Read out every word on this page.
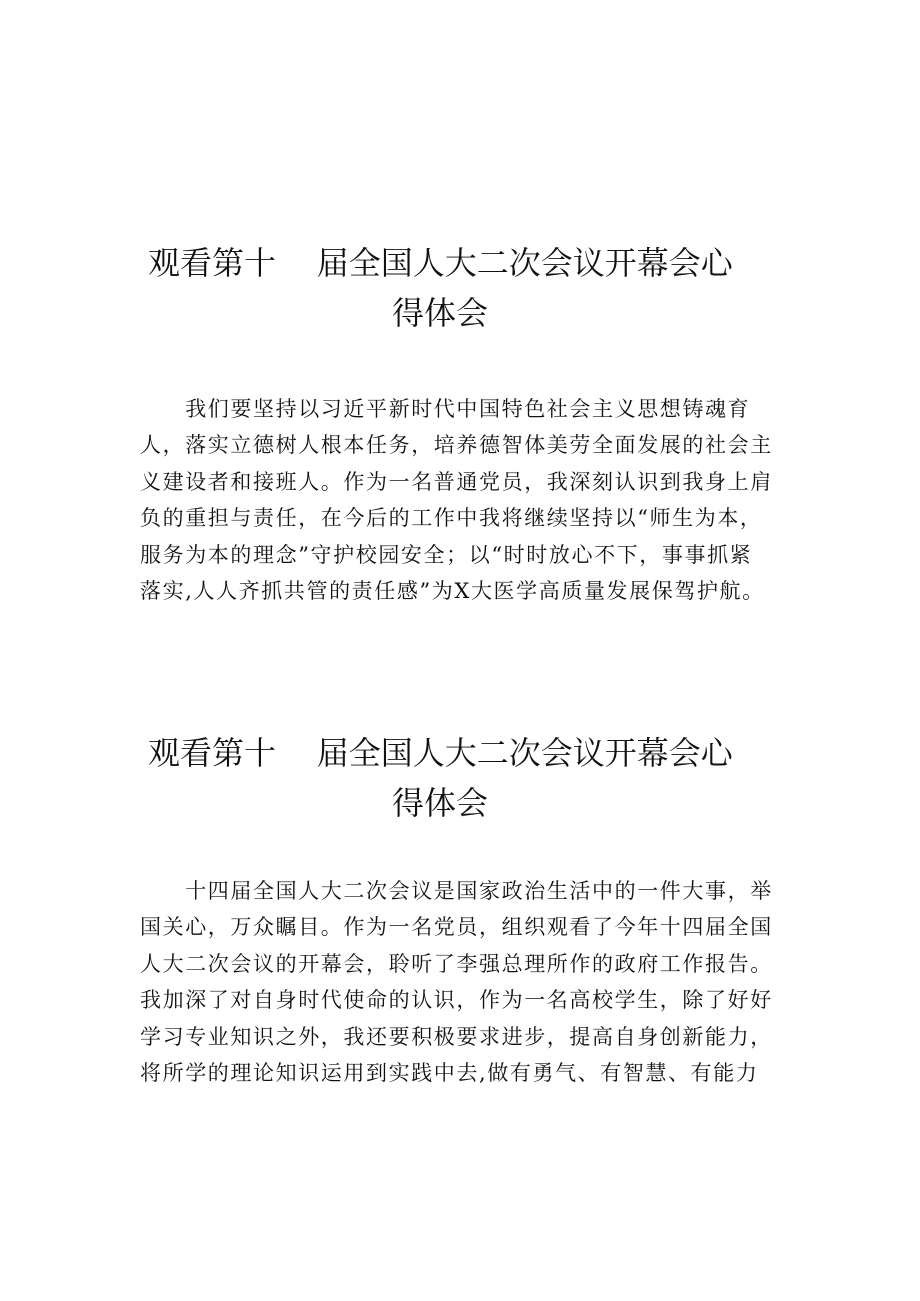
观看第十    届全国人大二次会议开幕会心
得体会

　　我们要坚持以习近平新时代中国特色社会主义思想铸魂育
人，落实立德树人根本任务，培养德智体美劳全面发展的社会主
义建设者和接班人。作为一名普通党员，我深刻认识到我身上肩
负的重担与责任，在今后的工作中我将继续坚持以“师生为本，
服务为本的理念”守护校园安全；以“时时放心不下，事事抓紧
落实,人人齐抓共管的责任感”为X大医学高质量发展保驾护航。

观看第十    届全国人大二次会议开幕会心
得体会

　　十四届全国人大二次会议是国家政治生活中的一件大事，举
国关心，万众瞩目。作为一名党员，组织观看了今年十四届全国
人大二次会议的开幕会，聆听了李强总理所作的政府工作报告。
我加深了对自身时代使命的认识，作为一名高校学生，除了好好
学习专业知识之外，我还要积极要求进步，提高自身创新能力，
将所学的理论知识运用到实践中去,做有勇气、有智慧、有能力
